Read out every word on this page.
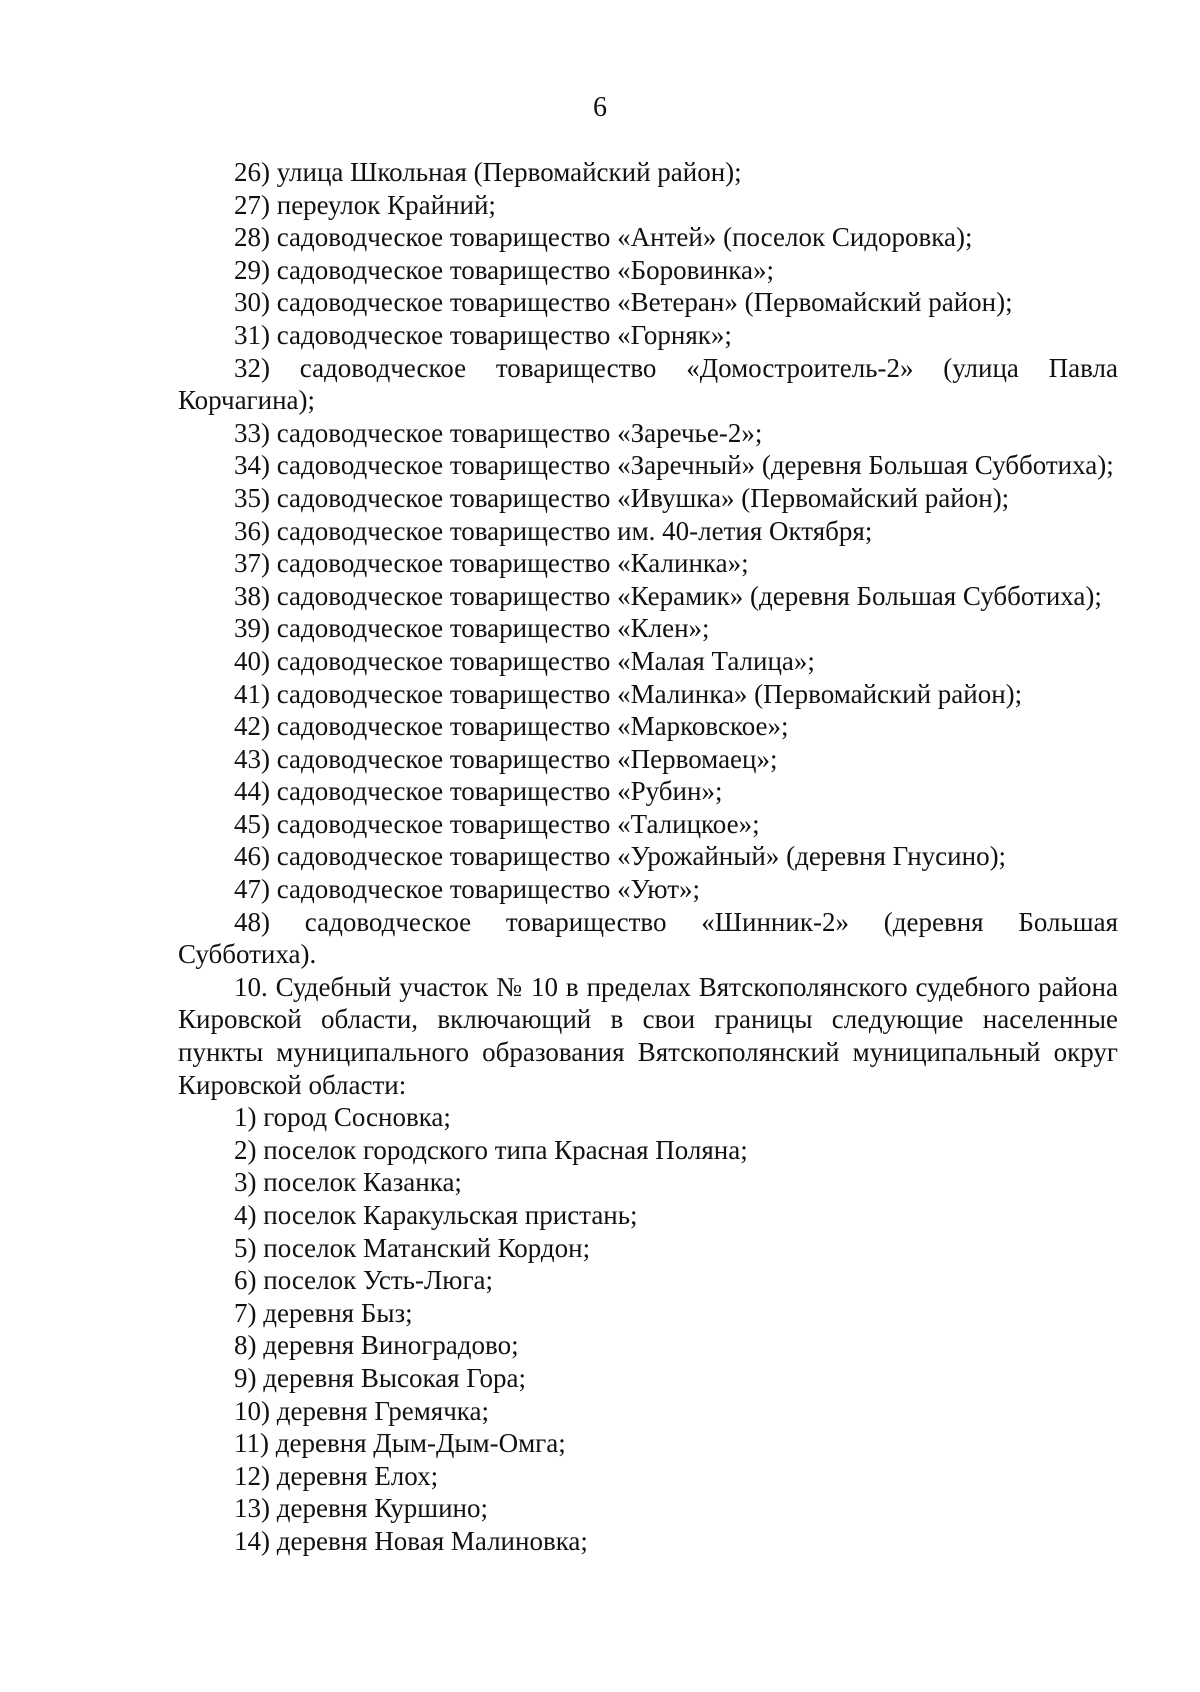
6

26) улица Школьная (Первомайский район);

27) переулок Крайний;

28) садоводческое товарищество «Антей» (поселок Сидоровка);

29) садоводческое товарищество «Боровинка»;

30) садоводческое товарищество «Ветеран» (Первомайский район);

31) садоводческое товарищество «Горняк»;

32) садоводческое товарищество «Домостроитель-2» (улица Павла Корчагина);

33) садоводческое товарищество «Заречье-2»;

34) садоводческое товарищество «Заречный» (деревня Большая Субботиха);

35) садоводческое товарищество «Ивушка» (Первомайский район);

36) садоводческое товарищество им. 40-летия Октября;

37) садоводческое товарищество «Калинка»;

38) садоводческое товарищество «Керамик» (деревня Большая Субботиха);

39) садоводческое товарищество «Клен»;

40) садоводческое товарищество «Малая Талица»;

41) садоводческое товарищество «Малинка» (Первомайский район);

42) садоводческое товарищество «Марковское»;

43) садоводческое товарищество «Первомаец»;

44) садоводческое товарищество «Рубин»;

45) садоводческое товарищество «Талицкое»;

46) садоводческое товарищество «Урожайный» (деревня Гнусино);

47) садоводческое товарищество «Уют»;

48) садоводческое товарищество «Шинник-2» (деревня Большая Субботиха).

10. Судебный участок № 10 в пределах Вятскополянского судебного района Кировской области, включающий в свои границы следующие населенные пункты муниципального образования Вятскополянский муниципальный округ Кировской области:

1) город Сосновка;

2) поселок городского типа Красная Поляна;

3) поселок Казанка;

4) поселок Каракульская пристань;

5) поселок Матанский Кордон;

6) поселок Усть-Люга;

7) деревня Быз;

8) деревня Виноградово;

9) деревня Высокая Гора;

10) деревня Гремячка;

11) деревня Дым-Дым-Омга;

12) деревня Елох;

13) деревня Куршино;

14) деревня Новая Малиновка;
